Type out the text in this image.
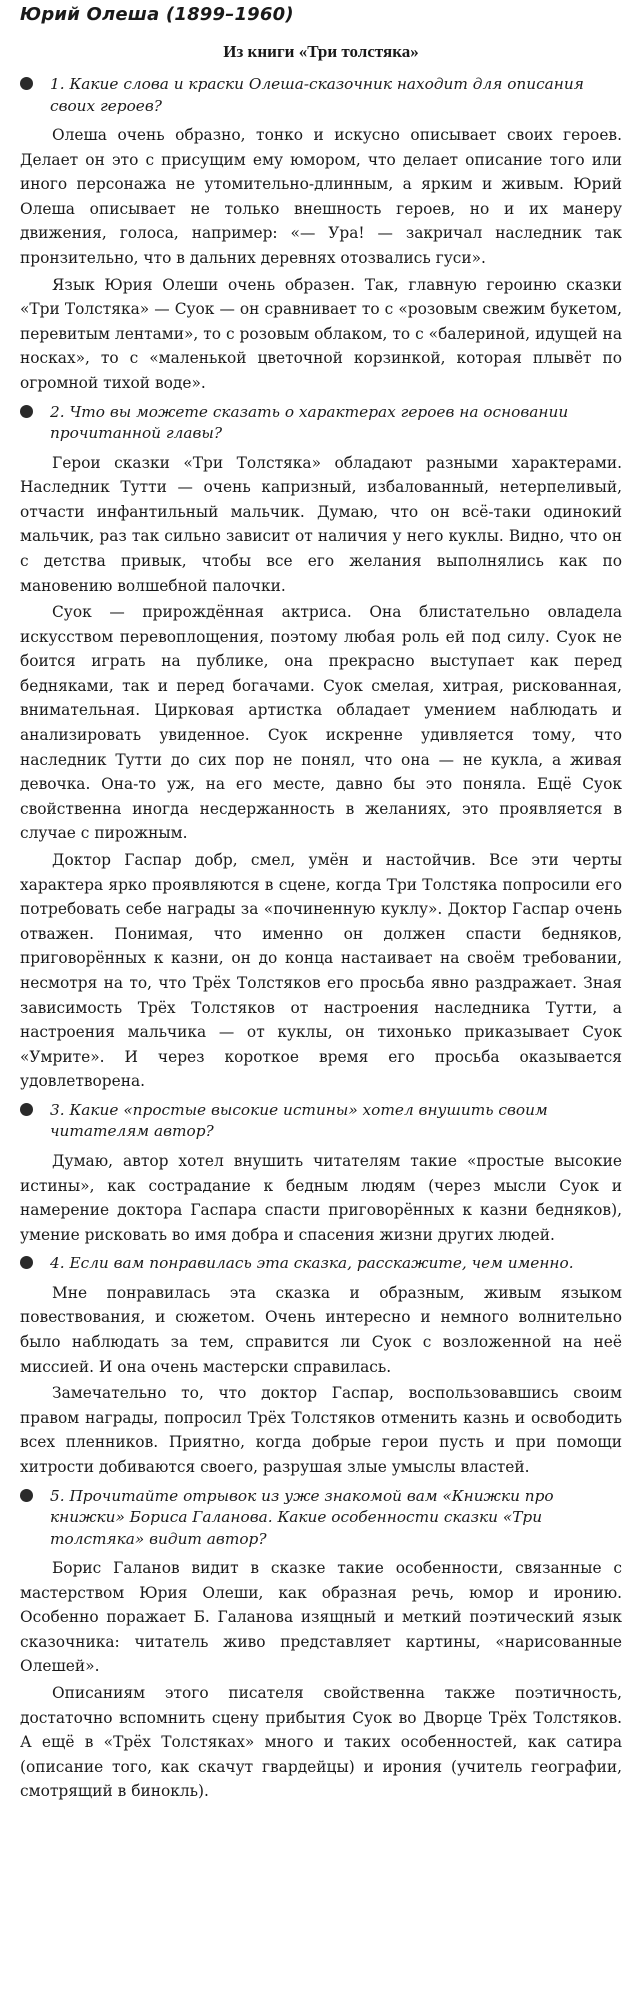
Юрий Олеша (1899–1960)
Из книги «Три толстяка»
1. Какие слова и краски Олеша-сказочник находит для описания своих героев?

Олеша очень образно, тонко и искусно описывает своих героев. Делает он это с присущим ему юмором, что делает описание того или иного персонажа не утомительно-длинным, а ярким и живым. Юрий Олеша описывает не только внешность героев, но и их манеру движения, голоса, например: «— Ура! — закричал наследник так пронзительно, что в дальних деревнях отозвались гуси».

Язык Юрия Олеши очень образен. Так, главную героиню сказки «Три Толстяка» — Суок — он сравнивает то с «розовым свежим букетом, перевитым лентами», то с розовым облаком, то с «балериной, идущей на носках», то с «маленькой цветочной корзинкой, которая плывёт по огромной тихой воде».

2. Что вы можете сказать о характерах героев на основании прочитанной главы?

Герои сказки «Три Толстяка» обладают разными характерами. Наследник Тутти — очень капризный, избалованный, нетерпеливый, отчасти инфантильный мальчик. Думаю, что он всё-таки одинокий мальчик, раз так сильно зависит от наличия у него куклы. Видно, что он с детства привык, чтобы все его желания выполнялись как по мановению волшебной палочки.

Суок — прирождённая актриса. Она блистательно овладела искусством перевоплощения, поэтому любая роль ей под силу. Суок не боится играть на публике, она прекрасно выступает как перед бедняками, так и перед богачами. Суок смелая, хитрая, рискованная, внимательная. Цирковая артистка обладает умением наблюдать и анализировать увиденное. Суок искренне удивляется тому, что наследник Тутти до сих пор не понял, что она — не кукла, а живая девочка. Она-то уж, на его месте, давно бы это поняла. Ещё Суок свойственна иногда несдержанность в желаниях, это проявляется в случае с пирожным.

Доктор Гаспар добр, смел, умён и настойчив. Все эти черты характера ярко проявляются в сцене, когда Три Толстяка попросили его потребовать себе награды за «починенную куклу». Доктор Гаспар очень отважен. Понимая, что именно он должен спасти бедняков, приговорённых к казни, он до конца настаивает на своём требовании, несмотря на то, что Трёх Толстяков его просьба явно раздражает. Зная зависимость Трёх Толстяков от настроения наследника Тутти, а настроения мальчика — от куклы, он тихонько приказывает Суок «Умрите». И через короткое время его просьба оказывается удовлетворена.

3. Какие «простые высокие истины» хотел внушить своим читателям автор?

Думаю, автор хотел внушить читателям такие «простые высокие истины», как сострадание к бедным людям (через мысли Суок и намерение доктора Гаспара спасти приговорённых к казни бедняков), умение рисковать во имя добра и спасения жизни других людей.

4. Если вам понравилась эта сказка, расскажите, чем именно.

Мне понравилась эта сказка и образным, живым языком повествования, и сюжетом. Очень интересно и немного волнительно было наблюдать за тем, справится ли Суок с возложенной на неё миссией. И она очень мастерски справилась.

Замечательно то, что доктор Гаспар, воспользовавшись своим правом награды, попросил Трёх Толстяков отменить казнь и освободить всех пленников. Приятно, когда добрые герои пусть и при помощи хитрости добиваются своего, разрушая злые умыслы властей.

5. Прочитайте отрывок из уже знакомой вам «Книжки про книжки» Бориса Галанова. Какие особенности сказки «Три толстяка» видит автор?

Борис Галанов видит в сказке такие особенности, связанные с мастерством Юрия Олеши, как образная речь, юмор и иронию. Особенно поражает Б. Галанова изящный и меткий поэтический язык сказочника: читатель живо представляет картины, «нарисованные Олешей».

Описаниям этого писателя свойственна также поэтичность, достаточно вспомнить сцену прибытия Суок во Дворце Трёх Толстяков. А ещё в «Трёх Толстяках» много и таких особенностей, как сатира (описание того, как скачут гвардейцы) и ирония (учитель географии, смотрящий в бинокль).
